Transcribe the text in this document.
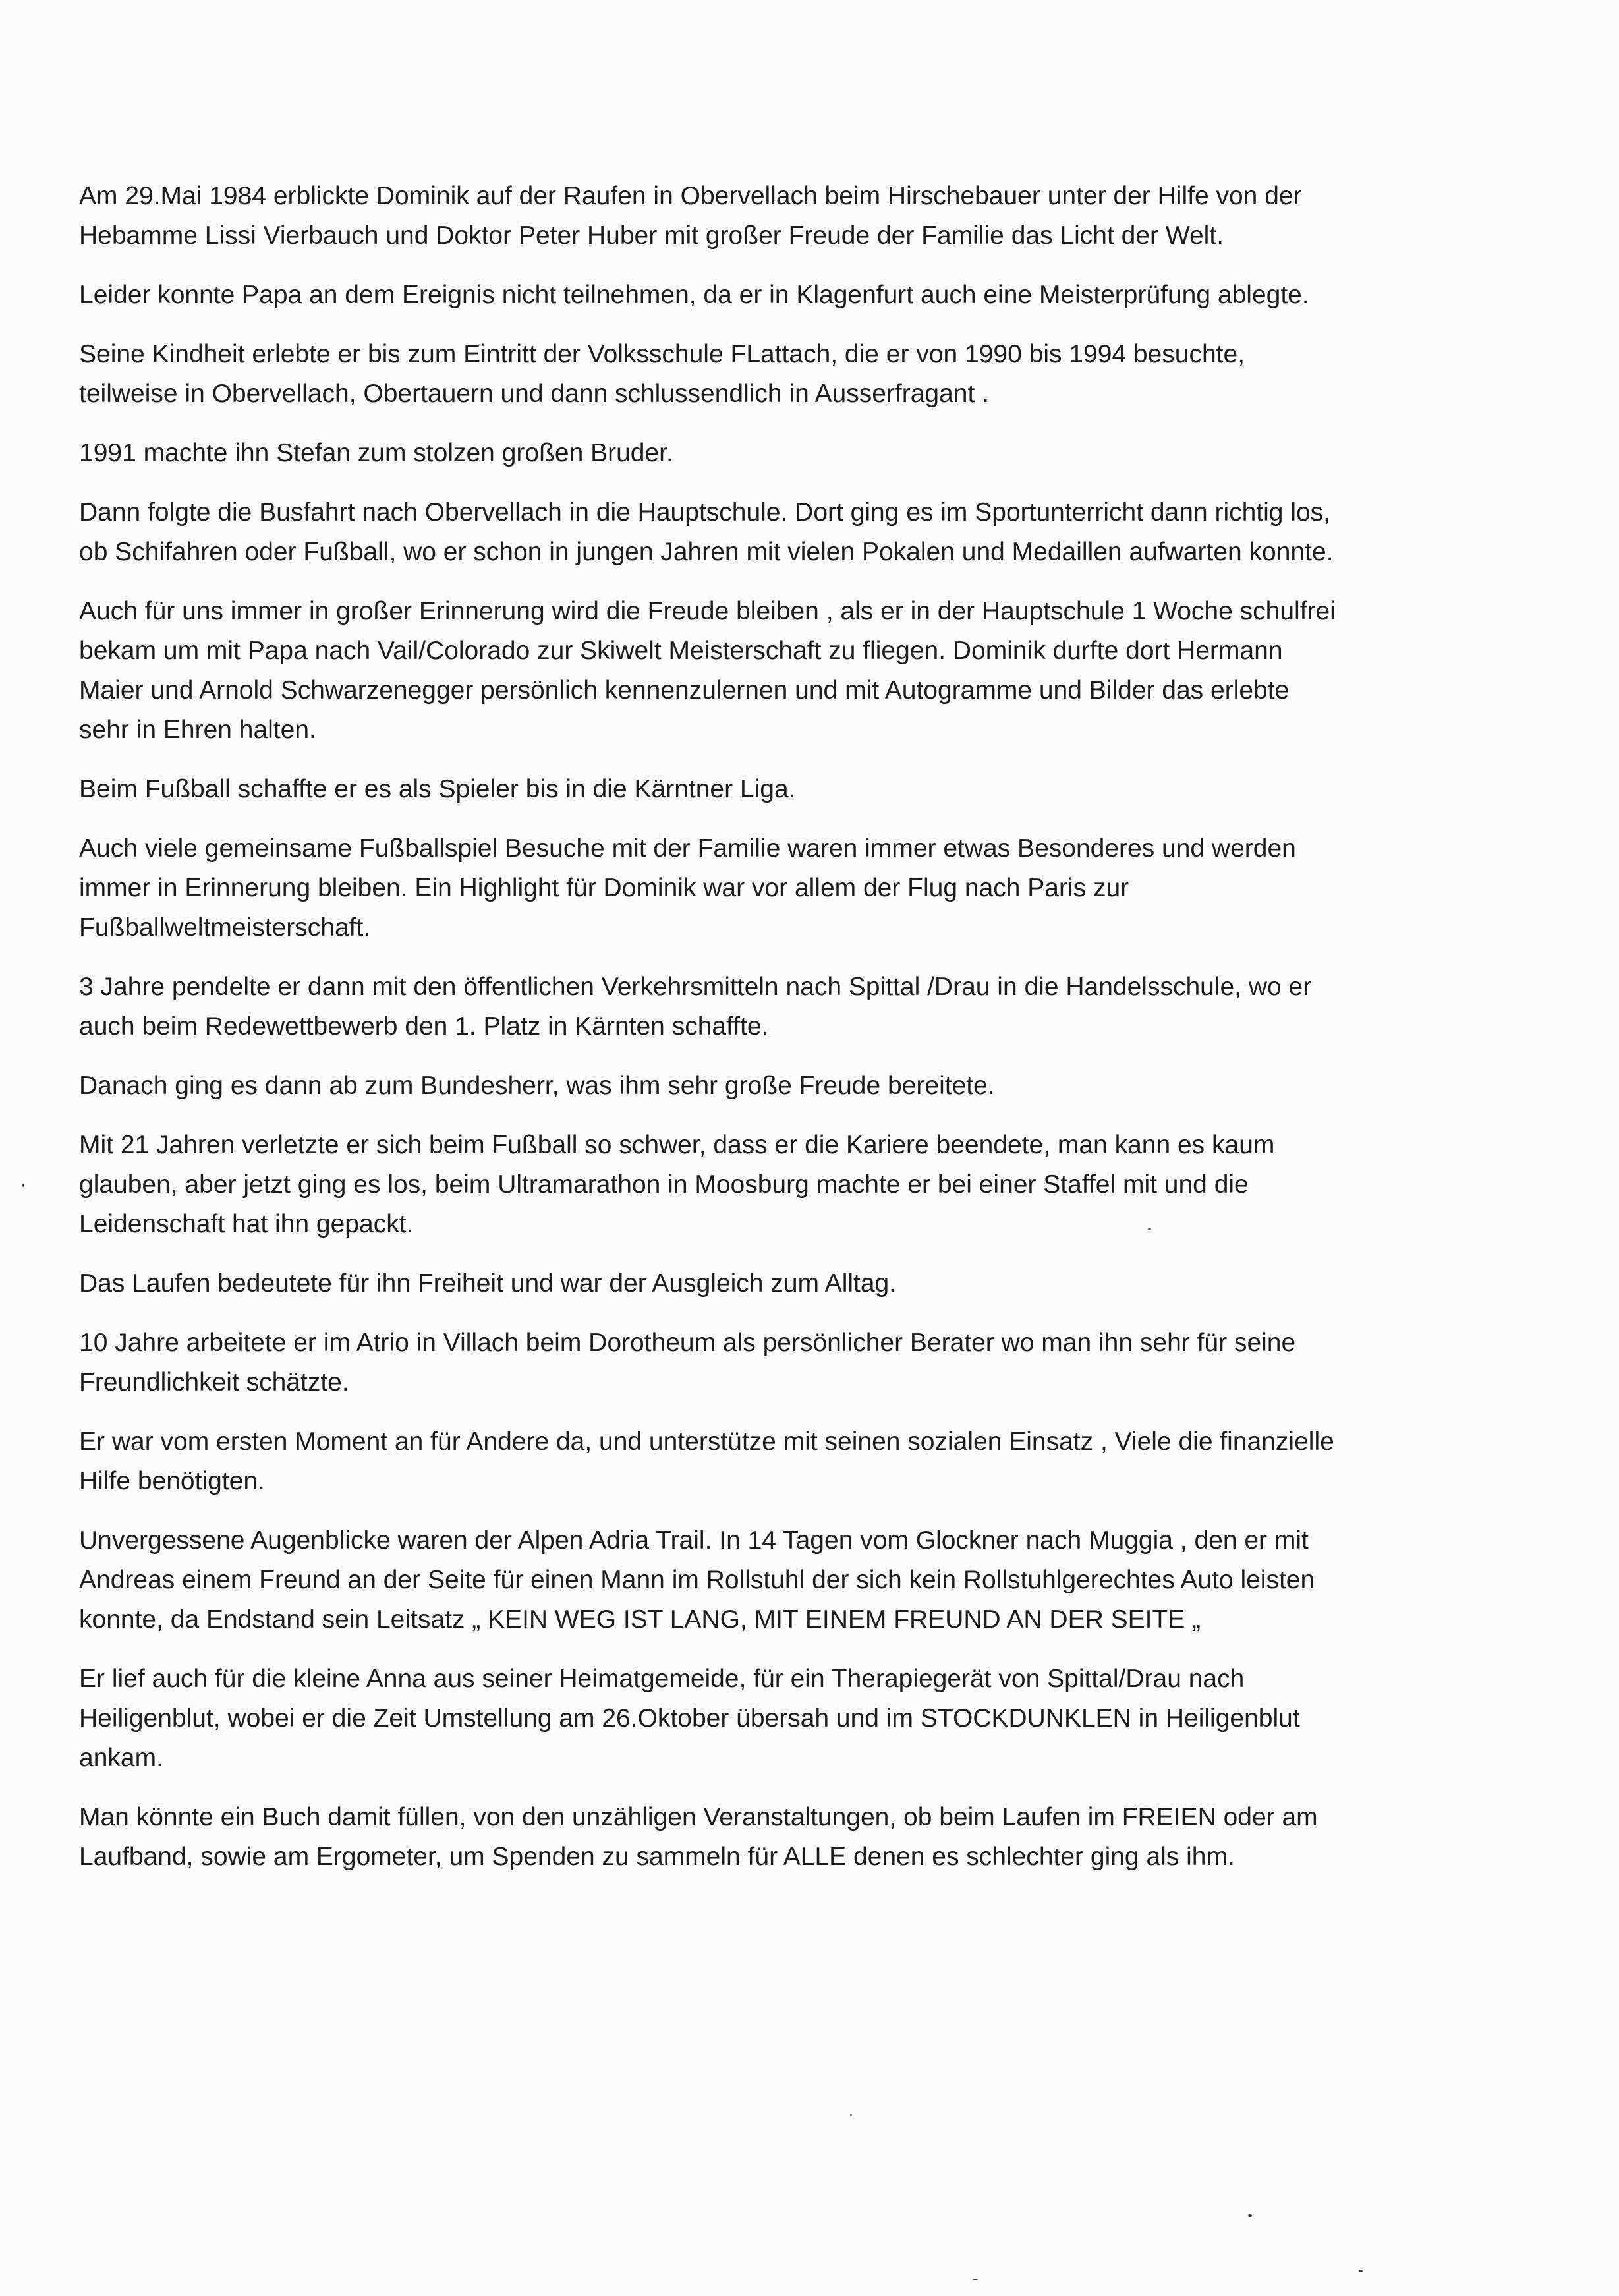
Am 29.Mai 1984 erblickte Dominik auf der Raufen in Obervellach beim Hirschebauer unter der Hilfe von der Hebamme Lissi Vierbauch und Doktor Peter Huber mit großer Freude der Familie das Licht der Welt.

Leider konnte Papa an dem Ereignis nicht teilnehmen, da er in Klagenfurt auch eine Meisterprüfung ablegte.

Seine Kindheit erlebte er bis zum Eintritt der Volksschule FLattach, die er von 1990 bis 1994 besuchte, teilweise in Obervellach, Obertauern und dann schlussendlich in Ausserfragant .

1991 machte ihn Stefan zum stolzen großen Bruder.

Dann folgte die Busfahrt nach Obervellach in die Hauptschule. Dort ging es im Sportunterricht dann richtig los, ob Schifahren oder Fußball, wo er schon in jungen Jahren mit vielen Pokalen und Medaillen aufwarten konnte.

Auch für uns immer in großer Erinnerung wird die Freude bleiben , als er in der Hauptschule 1 Woche schulfrei bekam um mit Papa nach Vail/Colorado zur Skiwelt Meisterschaft zu fliegen. Dominik durfte dort Hermann Maier und Arnold Schwarzenegger persönlich kennenzulernen und mit Autogramme und Bilder das erlebte sehr in Ehren halten.

Beim Fußball schaffte er es als Spieler bis in die Kärntner Liga.

Auch viele gemeinsame Fußballspiel Besuche mit der Familie waren immer etwas Besonderes und werden immer in Erinnerung bleiben. Ein Highlight für Dominik war vor allem der Flug nach Paris zur Fußballweltmeisterschaft.

3 Jahre pendelte er dann mit den öffentlichen Verkehrsmitteln nach Spittal /Drau in die Handelsschule, wo er auch beim Redewettbewerb den 1. Platz in Kärnten schaffte.

Danach ging es dann ab zum Bundesherr, was ihm sehr große Freude bereitete.

Mit 21 Jahren verletzte er sich beim Fußball so schwer, dass er die Kariere beendete, man kann es kaum glauben, aber jetzt ging es los, beim Ultramarathon in Moosburg machte er bei einer Staffel mit und die Leidenschaft hat ihn gepackt.

Das Laufen bedeutete für ihn Freiheit und war der Ausgleich zum Alltag.

10 Jahre arbeitete er im Atrio in Villach beim Dorotheum als persönlicher Berater wo man ihn sehr für seine Freundlichkeit schätzte.

Er war vom ersten Moment an für Andere da, und unterstütze mit seinen sozialen Einsatz , Viele die finanzielle Hilfe benötigten.

Unvergessene Augenblicke waren der Alpen Adria Trail. In 14 Tagen vom Glockner nach Muggia , den er mit Andreas einem Freund an der Seite für einen Mann im Rollstuhl der sich kein Rollstuhlgerechtes Auto leisten konnte, da Endstand sein Leitsatz „ KEIN WEG IST LANG, MIT EINEM FREUND AN DER SEITE „

Er lief auch für die kleine Anna aus seiner Heimatgemeide, für ein Therapiegerät von Spittal/Drau nach Heiligenblut, wobei er die Zeit Umstellung am 26.Oktober übersah und im STOCKDUNKLEN in Heiligenblut ankam.

Man könnte ein Buch damit füllen, von den unzähligen Veranstaltungen, ob beim Laufen im FREIEN oder am Laufband, sowie am Ergometer, um Spenden zu sammeln für ALLE denen es schlechter ging als ihm.
